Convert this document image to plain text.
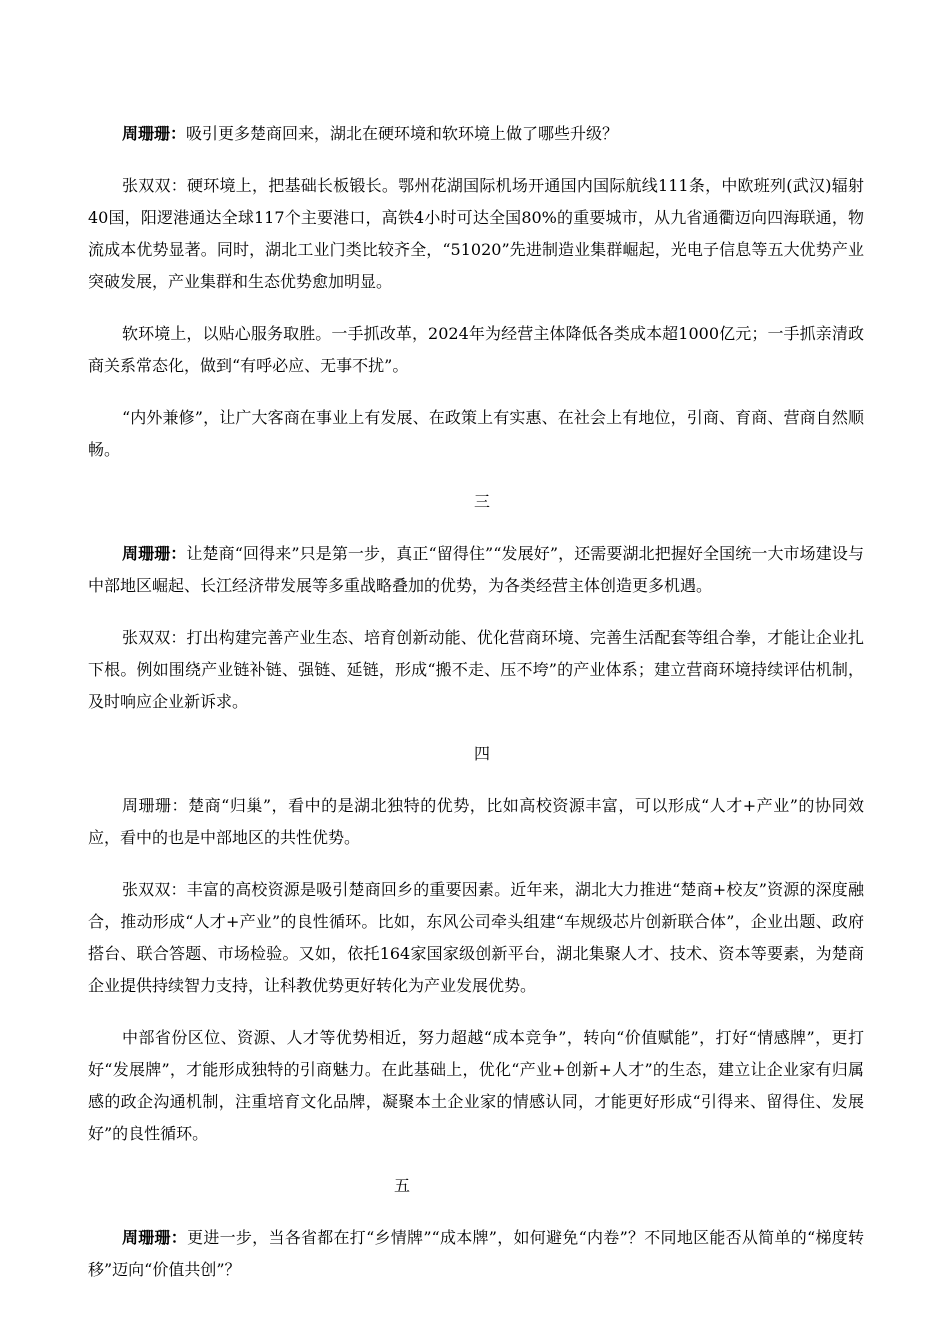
周珊珊：吸引更多楚商回来，湖北在硬环境和软环境上做了哪些升级？

张双双：硬环境上，把基础长板锻长。鄂州花湖国际机场开通国内国际航线111条，中欧班列(武汉)辐射40国，阳逻港通达全球117个主要港口，高铁4小时可达全国80%的重要城市，从九省通衢迈向四海联通，物流成本优势显著。同时，湖北工业门类比较齐全，“51020”先进制造业集群崛起，光电子信息等五大优势产业突破发展，产业集群和生态优势愈加明显。

软环境上，以贴心服务取胜。一手抓改革，2024年为经营主体降低各类成本超1000亿元；一手抓亲清政商关系常态化，做到“有呼必应、无事不扰”。

“内外兼修”，让广大客商在事业上有发展、在政策上有实惠、在社会上有地位，引商、育商、营商自然顺畅。

三

周珊珊：让楚商“回得来”只是第一步，真正“留得住”“发展好”，还需要湖北把握好全国统一大市场建设与中部地区崛起、长江经济带发展等多重战略叠加的优势，为各类经营主体创造更多机遇。

张双双：打出构建完善产业生态、培育创新动能、优化营商环境、完善生活配套等组合拳，才能让企业扎下根。例如围绕产业链补链、强链、延链，形成“搬不走、压不垮”的产业体系；建立营商环境持续评估机制，及时响应企业新诉求。

四

周珊珊：楚商“归巢”，看中的是湖北独特的优势，比如高校资源丰富，可以形成“人才+产业”的协同效应，看中的也是中部地区的共性优势。

张双双：丰富的高校资源是吸引楚商回乡的重要因素。近年来，湖北大力推进“楚商+校友”资源的深度融合，推动形成“人才+产业”的良性循环。比如，东风公司牵头组建“车规级芯片创新联合体”，企业出题、政府搭台、联合答题、市场检验。又如，依托164家国家级创新平台，湖北集聚人才、技术、资本等要素，为楚商企业提供持续智力支持，让科教优势更好转化为产业发展优势。

中部省份区位、资源、人才等优势相近，努力超越“成本竞争”，转向“价值赋能”，打好“情感牌”，更打好“发展牌”，才能形成独特的引商魅力。在此基础上，优化“产业+创新+人才”的生态，建立让企业家有归属感的政企沟通机制，注重培育文化品牌，凝聚本土企业家的情感认同，才能更好形成“引得来、留得住、发展好”的良性循环。

五

周珊珊：更进一步，当各省都在打“乡情牌”“成本牌”，如何避免“内卷”？不同地区能否从简单的“梯度转移”迈向“价值共创”？
